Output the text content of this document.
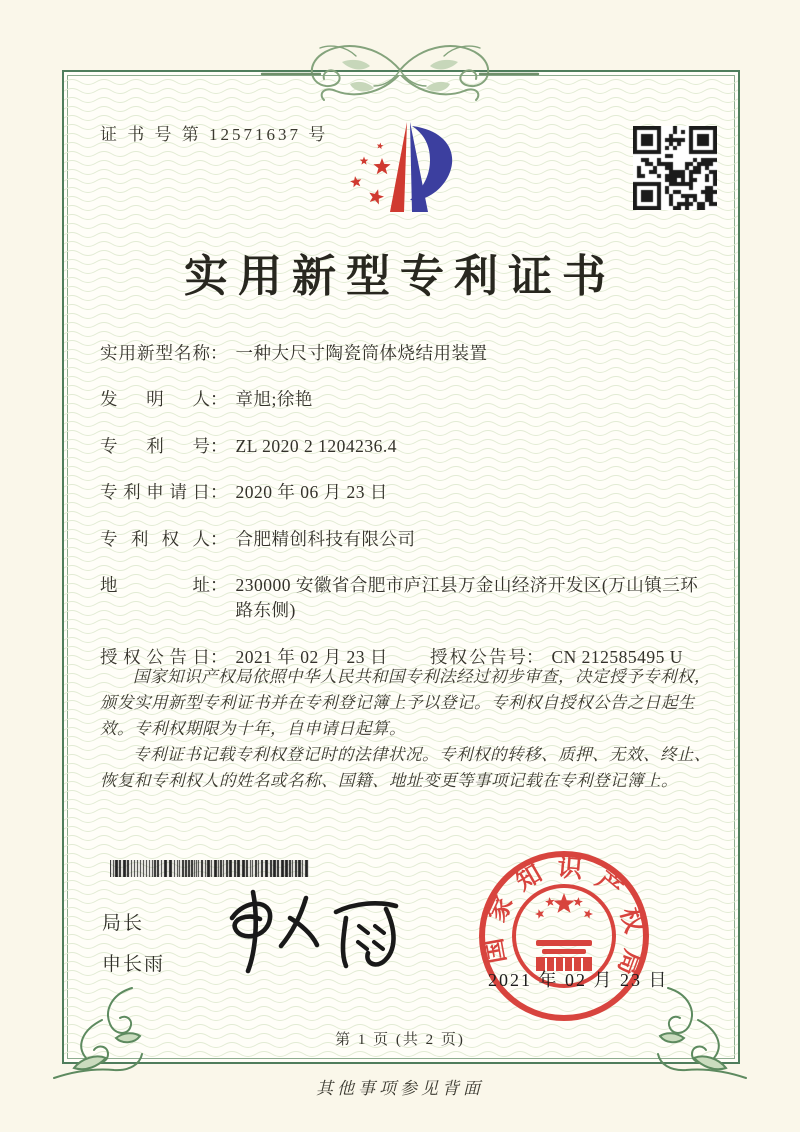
证 书 号 第 12571637 号
实用新型专利证书
实用新型名称 ： 一种大尺寸陶瓷筒体烧结用装置
发明人 ： 章旭;徐艳
专利号 ： ZL 2020 2 1204236.4
专利申请日 ： 2020 年 06 月 23 日
专利权人 ： 合肥精创科技有限公司
地址 ： 230000 安徽省合肥市庐江县万金山经济开发区(万山镇三环路东侧)
授权公告日 ： 2021 年 02 月 23 日 授权公告号 ： CN 212585495 U

国家知识产权局依照中华人民共和国专利法经过初步审查，决定授予专利权，颁发实用新型专利证书并在专利登记簿上予以登记。专利权自授权公告之日起生效。专利权期限为十年，自申请日起算。

专利证书记载专利权登记时的法律状况。专利权的转移、质押、无效、终止、恢复和专利权人的姓名或名称、国籍、地址变更等事项记载在专利登记簿上。

局长
申长雨	国家知识产权局
2021 年 02 月 23 日
第 1 页 (共 2 页)
其他事项参见背面
